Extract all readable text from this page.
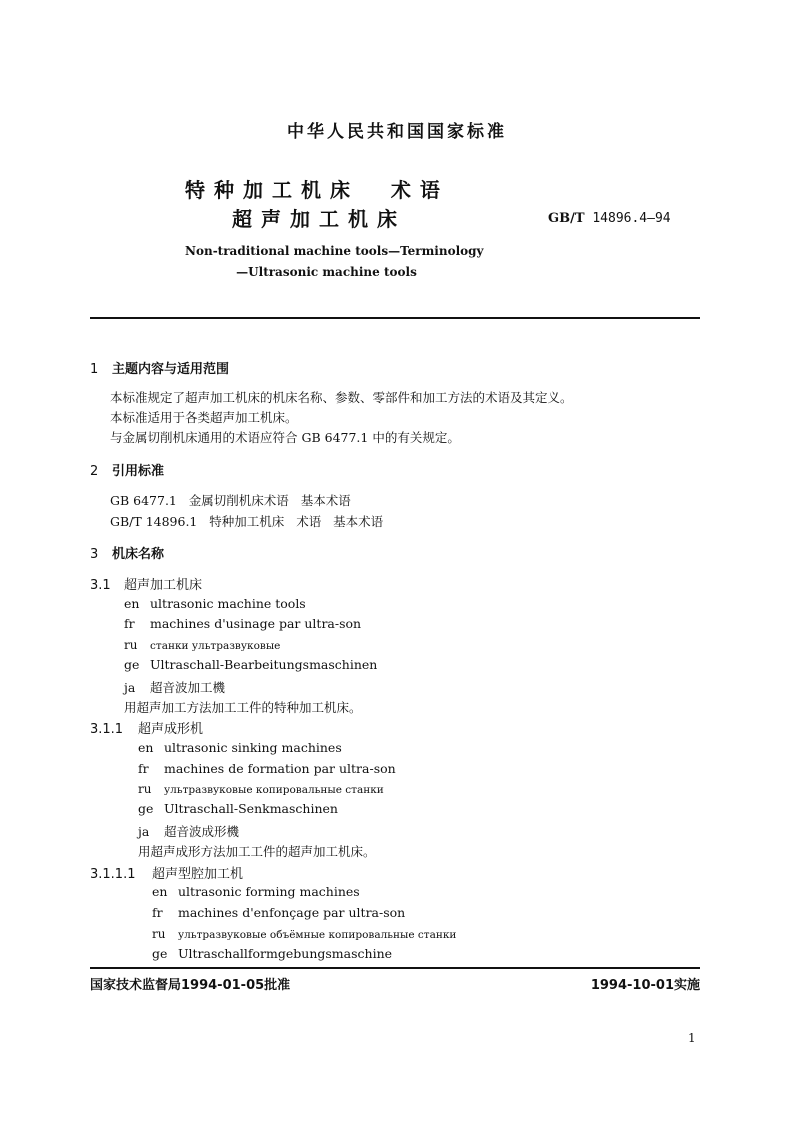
中华人民共和国国家标准
特种加工机床  术语
超声加工机床	GB/T 14896.4—94
Non-traditional machine tools—Terminology
—Ultrasonic machine tools
1 主题内容与适用范围
本标准规定了超声加工机床的机床名称、参数、零部件和加工方法的术语及其定义。
本标准适用于各类超声加工机床。
与金属切削机床通用的术语应符合 GB 6477.1 中的有关规定。
2 引用标准
GB 6477.1   金属切削机床术语   基本术语
GB/T 14896.1   特种加工机床   术语   基本术语
3 机床名称
3.1 超声加工机床
en ultrasonic machine tools
fr machines d'usinage par ultra-son
ru станки ультразвуковые
ge Ultraschall-Bearbeitungsmaschinen
ja 超音波加工機
用超声加工方法加工工件的特种加工机床。
3.1.1 超声成形机
en ultrasonic sinking machines
fr machines de formation par ultra-son
ru ультразвуковые копировальные станки
ge Ultraschall-Senkmaschinen
ja 超音波成形機
用超声成形方法加工工件的超声加工机床。
3.1.1.1 超声型腔加工机
en ultrasonic forming machines
fr machines d'enfonçage par ultra-son
ru ультразвуковые объёмные копировальные станки
ge Ultraschallformgebungsmaschine
国家技术监督局1994-01-05批准	1994-10-01实施
1
